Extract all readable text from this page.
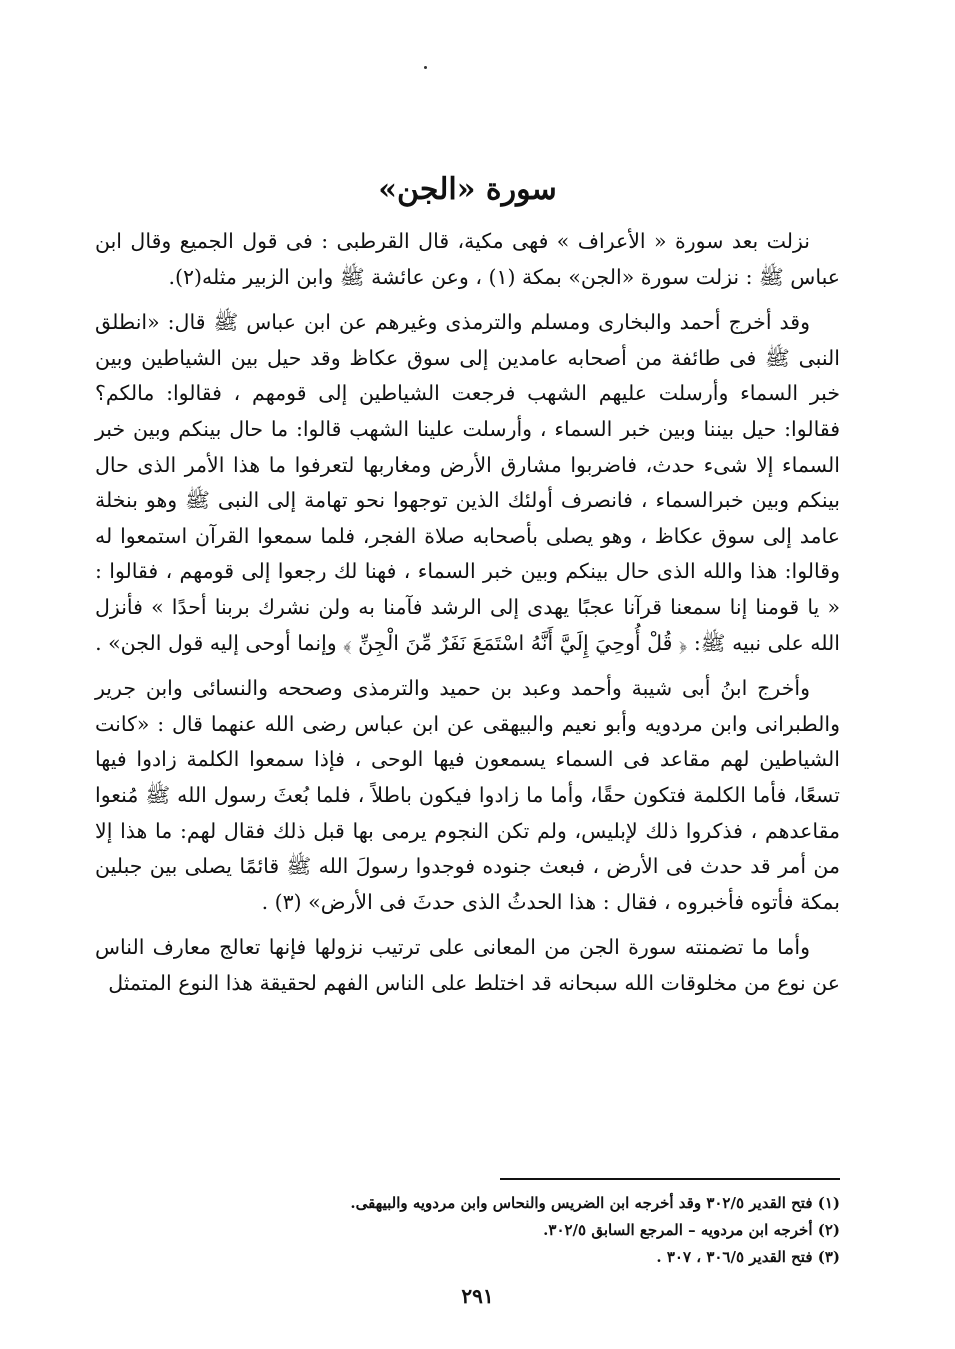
سورة «الجن»

نزلت بعد سورة « الأعراف » فهى مكية، قال القرطبى : فى قول الجميع وقال ابن عباس ﷺ : نزلت سورة «الجن» بمكة (١) ، وعن عائشة ﷺ وابن الزبير مثله(٢).

وقد أخرج أحمد والبخارى ومسلم والترمذى وغيرهم عن ابن عباس ﷺ قال: «انطلق النبى ﷺ فى طائفة من أصحابه عامدين إلى سوق عكاظ وقد حيل بين الشياطين وبين خبر السماء وأرسلت عليهم الشهب فرجعت الشياطين إلى قومهم ، فقالوا: مالكم؟ فقالوا: حيل بيننا وبين خبر السماء ، وأرسلت علينا الشهب قالوا: ما حال بينكم وبين خبر السماء إلا شىء حدث، فاضربوا مشارق الأرض ومغاربها لتعرفوا ما هذا الأمر الذى حال بينكم وبين خبرالسماء ، فانصرف أولئك الذين توجهوا نحو تهامة إلى النبى ﷺ وهو بنخلة عامد إلى سوق عكاظ ، وهو يصلى بأصحابه صلاة الفجر، فلما سمعوا القرآن استمعوا له وقالوا: هذا والله الذى حال بينكم وبين خبر السماء ، فهنا لك رجعوا إلى قومهم ، فقالوا : « يا قومنا إنا سمعنا قرآنا عجبًا يهدى إلى الرشد فآمنا به ولن نشرك بربنا أحدًا » فأنزل الله على نبيه ﷺ: ﴿ قُلْ أُوحِيَ إِلَيَّ أَنَّهُ اسْتَمَعَ نَفَرٌ مِّنَ الْجِنِّ ﴾ وإنما أوحى إليه قول الجن» .

وأخرج ابنُ أبى شيبة وأحمد وعبد بن حميد والترمذى وصححه والنسائى وابن جرير والطبرانى وابن مردويه وأبو نعيم والبيهقى عن ابن عباس رضى الله عنهما قال : «كانت الشياطين لهم مقاعد فى السماء يسمعون فيها الوحى ، فإذا سمعوا الكلمة زادوا فيها تسعًا، فأما الكلمة فتكون حقًا، وأما ما زادوا فيكون باطلاً ، فلما بُعثَ رسول الله ﷺ مُنعوا مقاعدهم ، فذكروا ذلك لإبليس، ولم تكن النجوم يرمى بها قبل ذلك فقال لهم: ما هذا إلا من أمر قد حدث فى الأرض ، فبعث جنوده فوجدوا رسولَ الله ﷺ قائمًا يصلى بين جبلين بمكة فأتوه فأخبروه ، فقال : هذا الحدثُ الذى حدثَ فى الأرض» (٣) .

وأما ما تضمنته سورة الجن من المعانى على ترتيب نزولها فإنها تعالج معارف الناس عن نوع من مخلوقات الله سبحانه قد اختلط على الناس الفهم لحقيقة هذا النوع المتمثل

(١) فتح القدير ٣٠٢/٥ وقد أخرجه ابن الضريس والنحاس وابن مردويه والبيهقى.

(٢) أخرجه ابن مردويه – المرجع السابق ٣٠٢/٥.

(٣) فتح القدير ٣٠٦/٥ ، ٣٠٧ .

٢٩١
